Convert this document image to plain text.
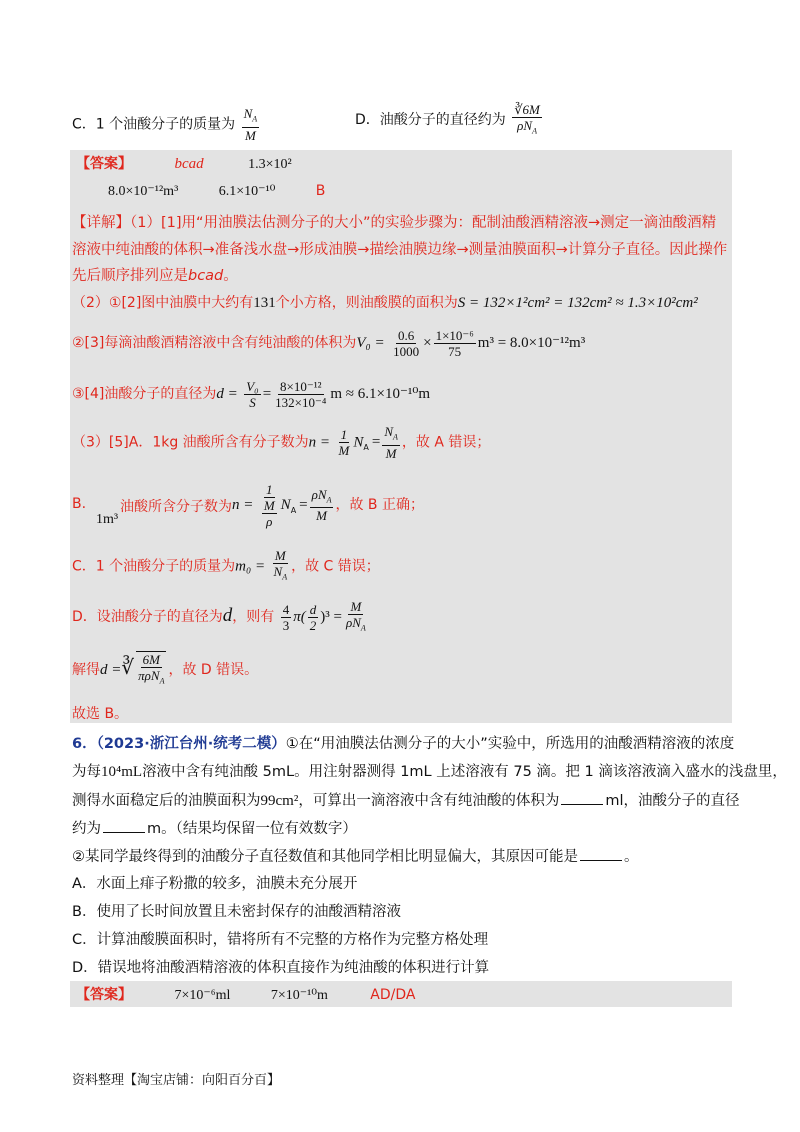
C．1 个油酸分子的质量为 $\frac{N_A}{M}$	D．油酸分子的直径约为 $\frac{∛6M}{\rho N_A}$
【答案】	bcad	1.3×10²
8.0×10⁻¹²m³	6.1×10⁻¹⁰	B
【详解】（1）[1]用“用油膜法估测分子的大小”的实验步骤为：配制油酸酒精溶液→测定一滴油酸酒精
溶液中纯油酸的体积→准备浅水盘→形成油膜→描绘油膜边缘→测量油膜面积→计算分子直径。因此操作
先后顺序排列应是bcad。
（2）①[2]图中油膜中大约有131个小方格，则油酸膜的面积为S = 132×1²cm² = 132cm² ≈ 1.3×10²cm²
②[3]每滴油酸酒精溶液中含有纯油酸的体积为$V_0 = \frac{0.6}{1000} \times \frac{\text{1×10⁻⁶}}{75} m^3 = 8.0\times 10^{-12}m^3$
③[4]油酸分子的直径为$d = \frac{\text{V₀}}{S} = \frac{\text{8×10⁻¹²}}{\text{132×10⁻⁴}}$ m ≈ 6.1×10⁻¹⁰m
（3）[5]A．1kg 油酸所含有分子数为$n = \frac{1}{M} N_A = \frac{N_A}{M}$ ，故 A 错误；
B. 油酸所含分子数为
1m³
n = 1
M
ρ $N_A = \frac{\rho N_A}{M}$ ，故 B 正确；
C．1 个油酸分子的质量为$m_0 = \frac{M}{N_A}$ ，故 C 错误；
D．设油酸分子的直径为d，则有 $\frac{4}{3} \pi( \frac{d}{2} )^3 = \frac{M}{\rho N_A}$
解得d =∛ $\frac{6M}{\pi\rho N_A}$ ，故 D 错误。
故选 B。
6．（2023·浙江台州·统考二模）①在“用油膜法估测分子的大小”实验中，所选用的油酸酒精溶液的浓度
为每10⁴mL溶液中含有纯油酸 5mL。用注射器测得 1mL 上述溶液有 75 滴。把 1 滴该溶液滴入盛水的浅盘里，
测得水面稳定后的油膜面积为99cm²，可算出一滴溶液中含有纯油酸的体积为	ml，油酸分子的直径
约为	m。（结果均保留一位有效数字）
②某同学最终得到的油酸分子直径数值和其他同学相比明显偏大，其原因可能是	。
A．水面上痱子粉撒的较多，油膜未充分展开
B．使用了长时间放置且未密封保存的油酸酒精溶液
C．计算油酸膜面积时，错将所有不完整的方格作为完整方格处理
D．错误地将油酸酒精溶液的体积直接作为纯油酸的体积进行计算
【答案】	7×10⁻⁶ml	7×10⁻¹⁰m	AD/DA
资料整理【淘宝店铺：向阳百分百】
